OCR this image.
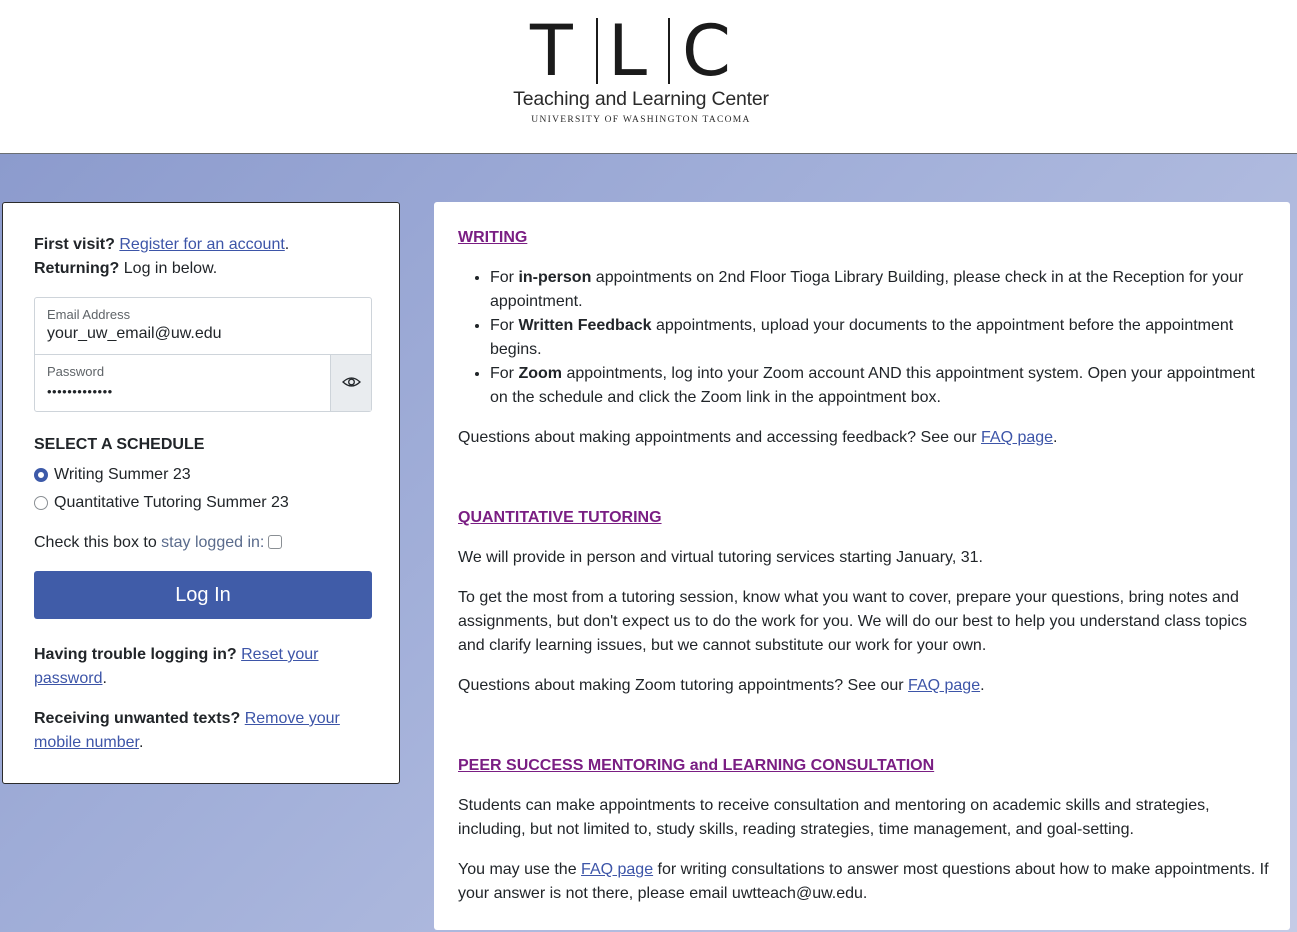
T L C
Teaching and Learning Center
UNIVERSITY OF WASHINGTON TACOMA
First visit? Register for an account.
Returning? Log in below.
Email Address
your_uw_email@uw.edu
Password
•••••••••••••
SELECT A SCHEDULE
Writing Summer 23
Quantitative Tutoring Summer 23
Check this box to stay logged in:
Log In
Having trouble logging in? Reset your
password.
Receiving unwanted texts? Remove your
mobile number.
WRITING
• For in-person appointments on 2nd Floor Tioga Library Building, please check in at the Reception for your appointment.
• For Written Feedback appointments, upload your documents to the appointment before the appointment begins.
• For Zoom appointments, log into your Zoom account AND this appointment system. Open your appointment on the schedule and click the Zoom link in the appointment box.
Questions about making appointments and accessing feedback? See our FAQ page.
QUANTITATIVE TUTORING
We will provide in person and virtual tutoring services starting January, 31.
To get the most from a tutoring session, know what you want to cover, prepare your questions, bring notes and assignments, but don't expect us to do the work for you. We will do our best to help you understand class topics and clarify learning issues, but we cannot substitute our work for your own.
Questions about making Zoom tutoring appointments? See our FAQ page.
PEER SUCCESS MENTORING and LEARNING CONSULTATION
Students can make appointments to receive consultation and mentoring on academic skills and strategies, including, but not limited to, study skills, reading strategies, time management, and goal-setting.
You may use the FAQ page for writing consultations to answer most questions about how to make appointments. If your answer is not there, please email uwtteach@uw.edu.
